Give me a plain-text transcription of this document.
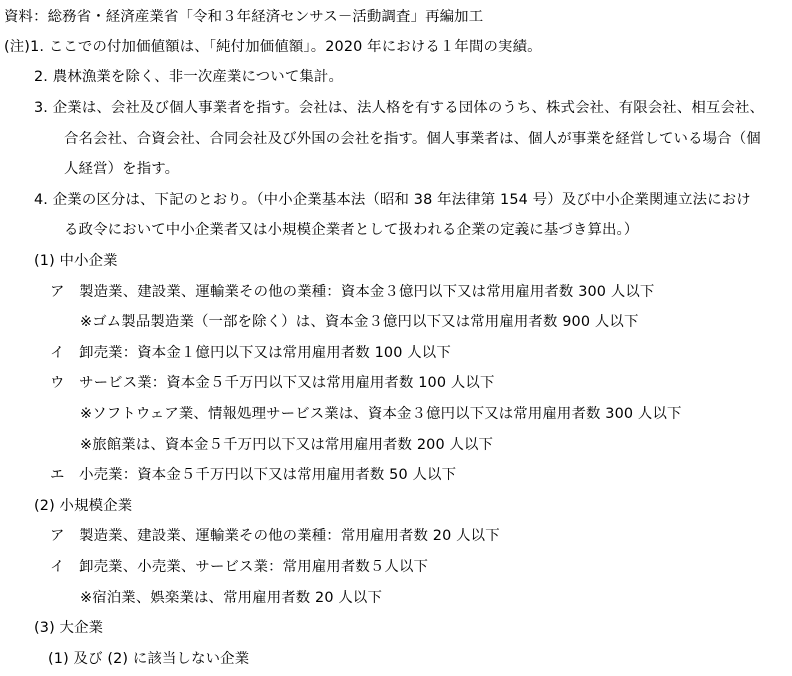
資料：総務省・経済産業省「令和３年経済センサス－活動調査」再編加工
(注)1. ここでの付加価値額は、「純付加価値額」。2020 年における１年間の実績。
2. 農林漁業を除く、非一次産業について集計。
3. 企業は、会社及び個人事業者を指す。会社は、法人格を有する団体のうち、株式会社、有限会社、相互会社、
合名会社、合資会社、合同会社及び外国の会社を指す。個人事業者は、個人が事業を経営している場合（個
人経営）を指す。
4. 企業の区分は、下記のとおり。（中小企業基本法（昭和 38 年法律第 154 号）及び中小企業関連立法におけ
る政令において中小企業者又は小規模企業者として扱われる企業の定義に基づき算出。）
(1) 中小企業
ア　製造業、建設業、運輸業その他の業種：資本金３億円以下又は常用雇用者数 300 人以下
※ゴム製品製造業（一部を除く）は、資本金３億円以下又は常用雇用者数 900 人以下
イ　卸売業：資本金１億円以下又は常用雇用者数 100 人以下
ウ　サービス業：資本金５千万円以下又は常用雇用者数 100 人以下
※ソフトウェア業、情報処理サービス業は、資本金３億円以下又は常用雇用者数 300 人以下
※旅館業は、資本金５千万円以下又は常用雇用者数 200 人以下
エ　小売業：資本金５千万円以下又は常用雇用者数 50 人以下
(2) 小規模企業
ア　製造業、建設業、運輸業その他の業種：常用雇用者数 20 人以下
イ　卸売業、小売業、サービス業：常用雇用者数５人以下
※宿泊業、娯楽業は、常用雇用者数 20 人以下
(3) 大企業
(1) 及び (2) に該当しない企業
